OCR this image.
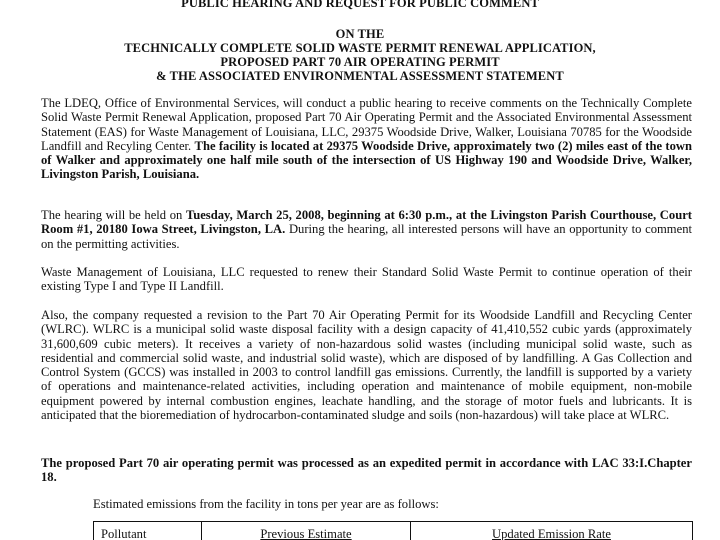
PUBLIC HEARING AND REQUEST FOR PUBLIC COMMENT
ON THE
TECHNICALLY COMPLETE SOLID WASTE PERMIT RENEWAL APPLICATION,
PROPOSED PART 70 AIR OPERATING PERMIT
& THE ASSOCIATED ENVIRONMENTAL ASSESSMENT STATEMENT
The LDEQ, Office of Environmental Services, will conduct a public hearing to receive comments on the Technically Complete Solid Waste Permit Renewal Application, proposed Part 70 Air Operating Permit and the Associated Environmental Assessment Statement (EAS) for Waste Management of Louisiana, LLC, 29375 Woodside Drive, Walker, Louisiana 70785 for the Woodside Landfill and Recyling Center. The facility is located at 29375 Woodside Drive, approximately two (2) miles east of the town of Walker and approximately one half mile south of the intersection of US Highway 190 and Woodside Drive, Walker, Livingston Parish, Louisiana.
The hearing will be held on Tuesday, March 25, 2008, beginning at 6:30 p.m., at the Livingston Parish Courthouse, Court Room #1, 20180 Iowa Street, Livingston, LA. During the hearing, all interested persons will have an opportunity to comment on the permitting activities.
Waste Management of Louisiana, LLC requested to renew their Standard Solid Waste Permit to continue operation of their existing Type I and Type II Landfill.
Also, the company requested a revision to the Part 70 Air Operating Permit for its Woodside Landfill and Recycling Center (WLRC). WLRC is a municipal solid waste disposal facility with a design capacity of 41,410,552 cubic yards (approximately 31,600,609 cubic meters). It receives a variety of non-hazardous solid wastes (including municipal solid waste, such as residential and commercial solid waste, and industrial solid waste), which are disposed of by landfilling. A Gas Collection and Control System (GCCS) was installed in 2003 to control landfill gas emissions. Currently, the landfill is supported by a variety of operations and maintenance-related activities, including operation and maintenance of mobile equipment, non-mobile equipment powered by internal combustion engines, leachate handling, and the storage of motor fuels and lubricants. It is anticipated that the bioremediation of hydrocarbon-contaminated sludge and soils (non-hazardous) will take place at WLRC.
The proposed Part 70 air operating permit was processed as an expedited permit in accordance with LAC 33:I.Chapter 18.
Estimated emissions from the facility in tons per year are as follows:
Pollutant	Previous Estimate	Updated Emission Rate
